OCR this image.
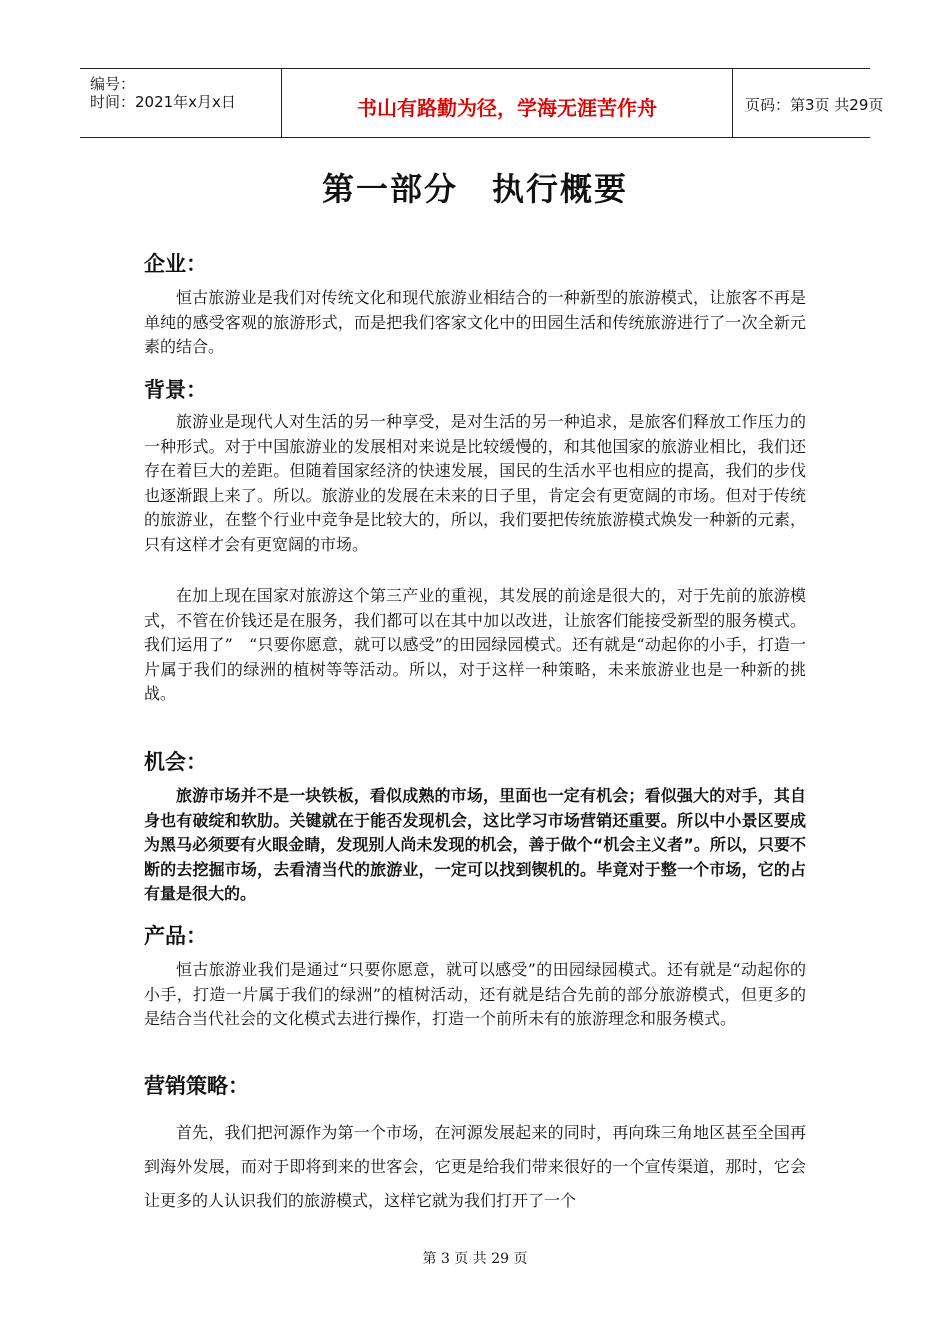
编号：
时间：2021年x月x日	书山有路勤为径，学海无涯苦作舟	页码：第3页 共29页
第一部分　执行概要
企业：

恒古旅游业是我们对传统文化和现代旅游业相结合的一种新型的旅游模式，让旅客不再是单纯的感受客观的旅游形式，而是把我们客家文化中的田园生活和传统旅游进行了一次全新元素的结合。

背景：

旅游业是现代人对生活的另一种享受，是对生活的另一种追求，是旅客们释放工作压力的一种形式。对于中国旅游业的发展相对来说是比较缓慢的，和其他国家的旅游业相比，我们还存在着巨大的差距。但随着国家经济的快速发展，国民的生活水平也相应的提高，我们的步伐也逐渐跟上来了。所以。旅游业的发展在未来的日子里，肯定会有更宽阔的市场。但对于传统的旅游业，在整个行业中竞争是比较大的，所以，我们要把传统旅游模式焕发一种新的元素，只有这样才会有更宽阔的市场。

在加上现在国家对旅游这个第三产业的重视，其发展的前途是很大的，对于先前的旅游模式，不管在价钱还是在服务，我们都可以在其中加以改进，让旅客们能接受新型的服务模式。我们运用了”　“只要你愿意，就可以感受”的田园绿园模式。还有就是“动起你的小手，打造一片属于我们的绿洲的植树等等活动。所以，对于这样一种策略，未来旅游业也是一种新的挑战。

机会：

旅游市场并不是一块铁板，看似成熟的市场，里面也一定有机会；看似强大的对手，其自身也有破绽和软肋。关键就在于能否发现机会，这比学习市场营销还重要。所以中小景区要成为黑马必须要有火眼金睛，发现别人尚未发现的机会，善于做个“机会主义者”。所以，只要不断的去挖掘市场，去看清当代的旅游业，一定可以找到锲机的。毕竟对于整一个市场，它的占有量是很大的。

产品：

恒古旅游业我们是通过“只要你愿意，就可以感受”的田园绿园模式。还有就是“动起你的小手，打造一片属于我们的绿洲”的植树活动，还有就是结合先前的部分旅游模式，但更多的是结合当代社会的文化模式去进行操作，打造一个前所未有的旅游理念和服务模式。

营销策略：

首先，我们把河源作为第一个市场，在河源发展起来的同时，再向珠三角地区甚至全国再到海外发展，而对于即将到来的世客会，它更是给我们带来很好的一个宣传渠道，那时，它会让更多的人认识我们的旅游模式，这样它就为我们打开了一个

第 3 页 共 29 页
